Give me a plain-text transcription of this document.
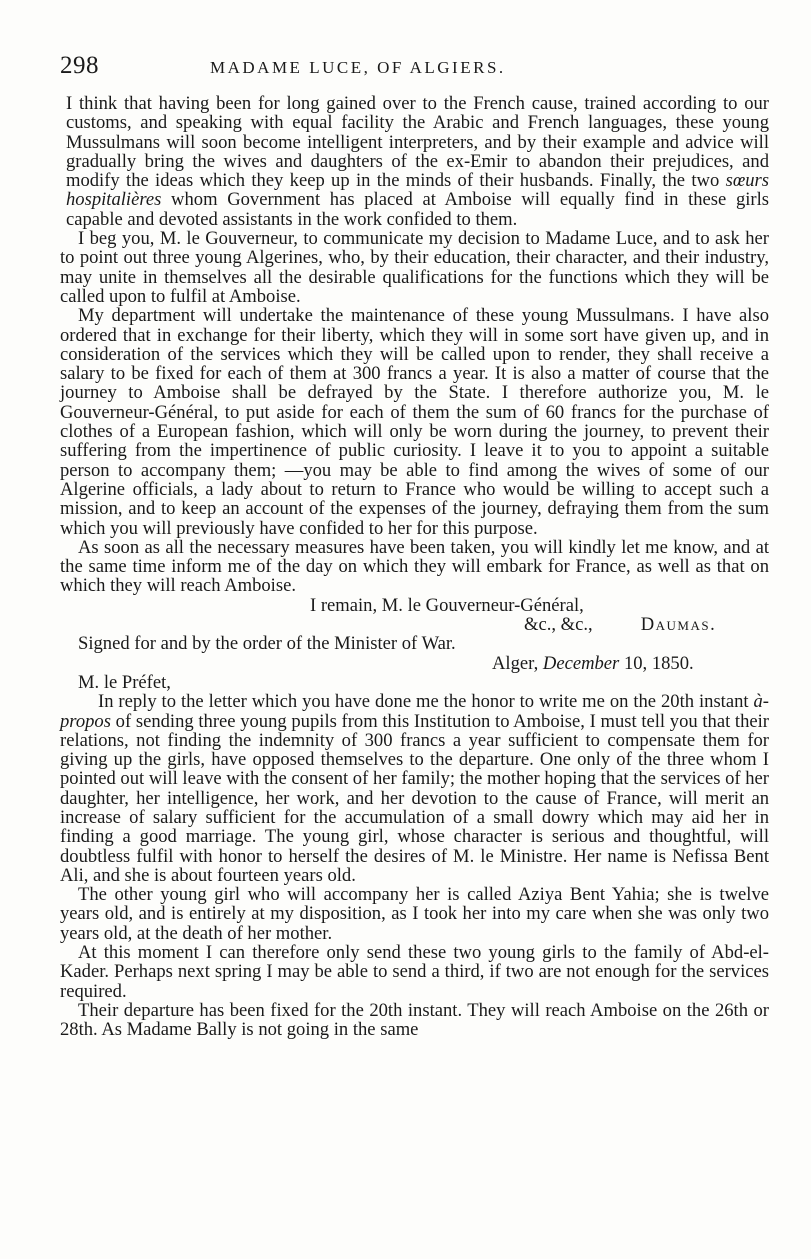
298	MADAME LUCE, OF ALGIERS.

I think that having been for long gained over to the French cause, trained according to our customs, and speaking with equal facility the Arabic and French languages, these young Mussulmans will soon become intelligent interpreters, and by their example and advice will gradually bring the wives and daughters of the ex-Emir to abandon their prejudices, and modify the ideas which they keep up in the minds of their husbands. Finally, the two sœurs hospitalières whom Government has placed at Amboise will equally find in these girls capable and devoted assistants in the work confided to them.

I beg you, M. le Gouverneur, to communicate my decision to Madame Luce, and to ask her to point out three young Algerines, who, by their education, their character, and their industry, may unite in themselves all the desirable qualifications for the functions which they will be called upon to fulfil at Amboise.

My department will undertake the maintenance of these young Mussulmans. I have also ordered that in exchange for their liberty, which they will in some sort have given up, and in consideration of the services which they will be called upon to render, they shall receive a salary to be fixed for each of them at 300 francs a year. It is also a matter of course that the journey to Amboise shall be defrayed by the State. I therefore authorize you, M. le Gouverneur-Général, to put aside for each of them the sum of 60 francs for the purchase of clothes of a European fashion, which will only be worn during the journey, to prevent their suffering from the impertinence of public curiosity. I leave it to you to appoint a suitable person to accompany them; —you may be able to find among the wives of some of our Algerine officials, a lady about to return to France who would be willing to accept such a mission, and to keep an account of the expenses of the journey, defraying them from the sum which you will previously have confided to her for this purpose.

As soon as all the necessary measures have been taken, you will kindly let me know, and at the same time inform me of the day on which they will embark for France, as well as that on which they will reach Amboise.

I remain, M. le Gouverneur-Général,

&c., &c.,	Daumas.

Signed for and by the order of the Minister of War.

Alger, December 10, 1850.

M. le Préfet,

In reply to the letter which you have done me the honor to write me on the 20th instant à-propos of sending three young pupils from this Institution to Amboise, I must tell you that their relations, not finding the indemnity of 300 francs a year sufficient to compensate them for giving up the girls, have opposed themselves to the departure. One only of the three whom I pointed out will leave with the consent of her family; the mother hoping that the services of her daughter, her intelligence, her work, and her devotion to the cause of France, will merit an increase of salary sufficient for the accumulation of a small dowry which may aid her in finding a good marriage. The young girl, whose character is serious and thoughtful, will doubtless fulfil with honor to herself the desires of M. le Ministre. Her name is Nefissa Bent Ali, and she is about fourteen years old.

The other young girl who will accompany her is called Aziya Bent Yahia; she is twelve years old, and is entirely at my disposition, as I took her into my care when she was only two years old, at the death of her mother.

At this moment I can therefore only send these two young girls to the family of Abd-el-Kader. Perhaps next spring I may be able to send a third, if two are not enough for the services required.

Their departure has been fixed for the 20th instant. They will reach Amboise on the 26th or 28th. As Madame Bally is not going in the same
